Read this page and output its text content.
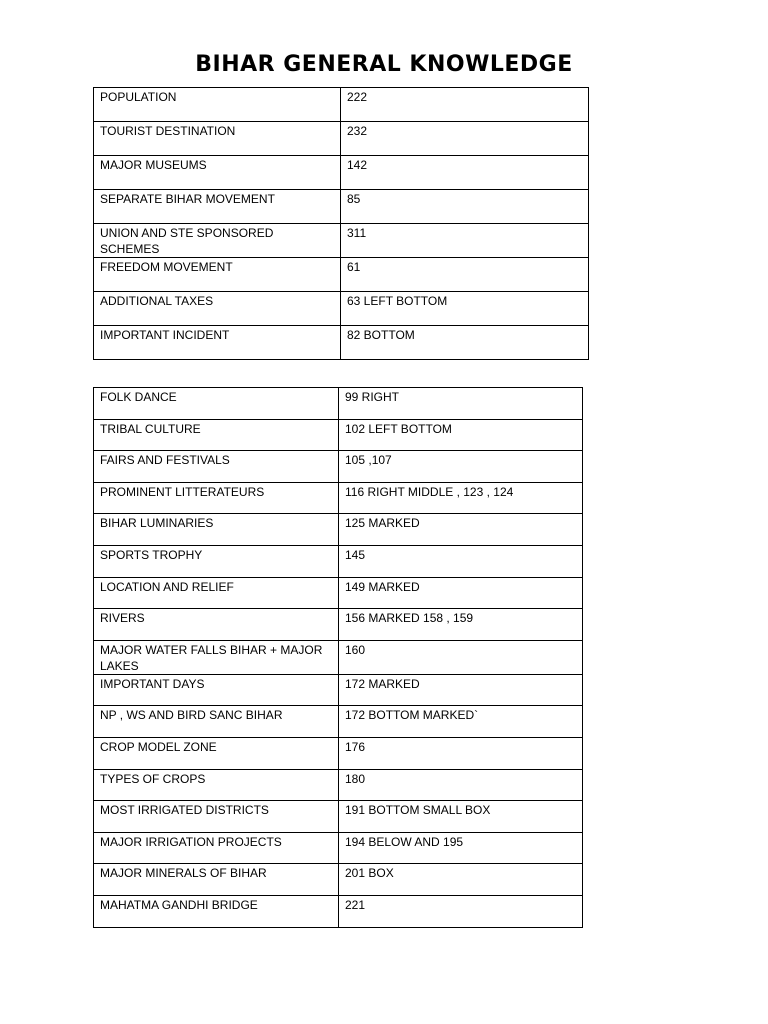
BIHAR GENERAL KNOWLEDGE
POPULATION	222
TOURIST DESTINATION	232
MAJOR MUSEUMS	142
SEPARATE BIHAR MOVEMENT	85
UNION AND STE SPONSORED SCHEMES	311
FREEDOM MOVEMENT	61
ADDITIONAL TAXES	63 LEFT BOTTOM
IMPORTANT INCIDENT	82 BOTTOM
FOLK DANCE	99 RIGHT
TRIBAL CULTURE	102 LEFT BOTTOM
FAIRS AND FESTIVALS	105 ,107
PROMINENT LITTERATEURS	116 RIGHT MIDDLE , 123 , 124
BIHAR LUMINARIES	125 MARKED
SPORTS TROPHY	145
LOCATION AND RELIEF	149 MARKED
RIVERS	156 MARKED 158 , 159
MAJOR WATER FALLS BIHAR + MAJOR LAKES	160
IMPORTANT DAYS	172 MARKED
NP , WS AND BIRD SANC BIHAR	172 BOTTOM MARKED`
CROP MODEL ZONE	176
TYPES OF CROPS	180
MOST IRRIGATED DISTRICTS	191 BOTTOM SMALL BOX
MAJOR IRRIGATION PROJECTS	194 BELOW AND 195
MAJOR MINERALS OF BIHAR	201 BOX
MAHATMA GANDHI BRIDGE	221
